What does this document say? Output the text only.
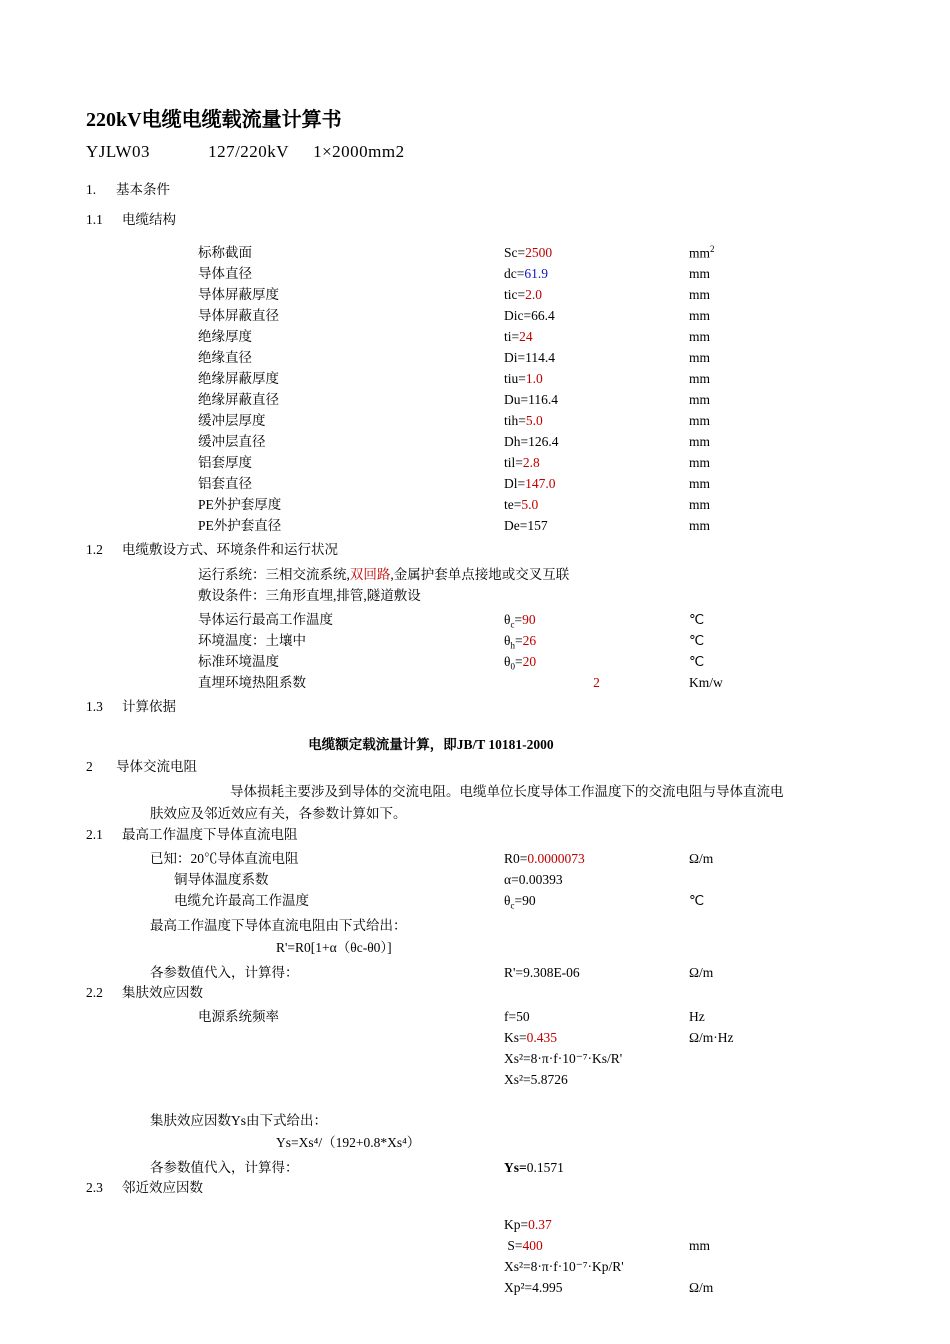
220kV电缆电缆载流量计算书
YJLW03	127/220kV 1×2000mm2
1. 基本条件
1.1 电缆结构
标称截面	Sc=2500	$mm^2$
导体直径	dc=61.9	mm
导体屏蔽厚度	tic=2.0	mm
导体屏蔽直径	Dic=66.4	mm
绝缘厚度	ti=24	mm
绝缘直径	Di=114.4	mm
绝缘屏蔽厚度	tiu=1.0	mm
绝缘屏蔽直径	Du=116.4	mm
缓冲层厚度	tih=5.0	mm
缓冲层直径	Dh=126.4	mm
铝套厚度	til=2.8	mm
铝套直径	Dl=147.0	mm
PE外护套厚度	te=5.0	mm
PE外护套直径	De=157	mm
1.2 电缆敷设方式、环境条件和运行状况
运行系统：三相交流系统,双回路,金属护套单点接地或交叉互联
敷设条件：三角形直埋,排管,隧道敷设
导体运行最高工作温度	$\theta_c=90$	℃
环境温度：土壤中	$\theta_h=26$	℃
标准环境温度	$\theta_0=20$	℃
直埋环境热阻系数	2	Km/w
1.3 计算依据
电缆额定载流量计算，即JB/T 10181-2000
2 导体交流电阻
导体损耗主要涉及到导体的交流电阻。电缆单位长度导体工作温度下的交流电阻与导体直流电
肤效应及邻近效应有关，各参数计算如下。
2.1 最高工作温度下导体直流电阻
已知：20℃导体直流电阻	R0=0.0000073	Ω/m
铜导体温度系数	α=0.00393
电缆允许最高工作温度	$\theta_c=90$	℃
最高工作温度下导体直流电阻由下式给出：
R'=R0[1+α（θc-θ0）]
各参数值代入，计算得：	R'=9.308E-06	Ω/m
2.2 集肤效应因数
电源系统频率	f=50	Hz
Ks=0.435	Ω/m·Hz
Xs²=8·π·f·10⁻⁷·Ks/R'
Xs²=5.8726
集肤效应因数Ys由下式给出：
Ys=Xs⁴/（192+0.8*Xs⁴）
各参数值代入，计算得：	Ys=0.1571
2.3 邻近效应因数
Kp=0.37
S=400	mm
Xs²=8·π·f·10⁻⁷·Kp/R'
Xp²=4.995	Ω/m
